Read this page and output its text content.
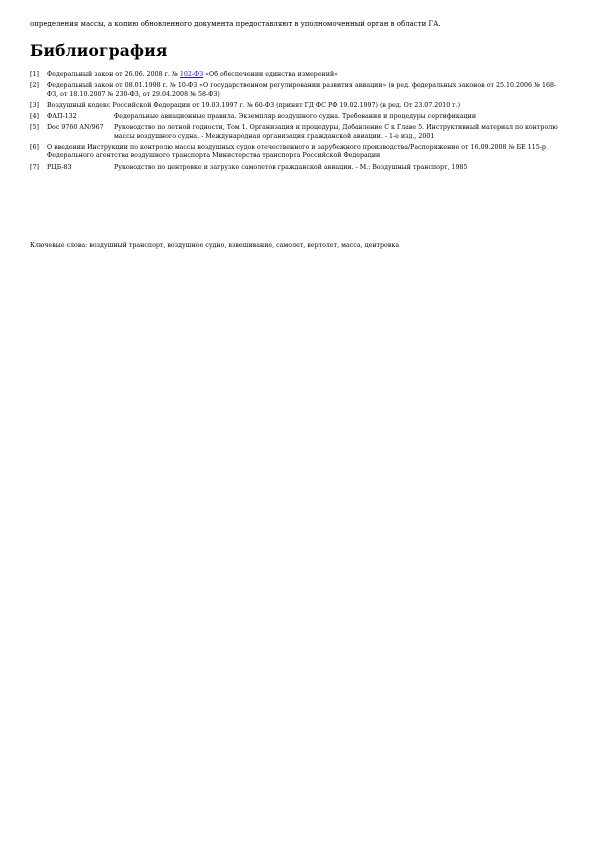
определения массы, а копию обновленного документа предоставляют в уполномоченный орган в области ГА.
Библиография
[1]	Федеральный закон от 26.06. 2008 г. № 102-ФЗ «Об обеспечении единства измерений»	
[2]	Федеральный закон от 08.01.1998 г. № 10-ФЗ «О государственном регулировании развития авиации» (в ред. федеральных законов от 25.10.2006 № 168-ФЗ, от 18.10.2007 № 230-ФЗ, от 29.04.2008 № 58-ФЗ)	
[3]	Воздушный кодекс Российской Федерации от 19.03.1997 г. № 60-ФЗ (принят ГД ФС РФ 19.02.1997) (в ред. От 23.07.2010 г.)	
[4]	ФАП-132	Федеральные авиационные правила. Экземпляр воздушного судна. Требования и процедуры сертификации
[5]	Doc 9760 AN/967	Руководство по летной годности, Том 1. Организация и процедуры, Добавление С к Главе 5. Инструктивный материал по контролю массы воздушного судна. - Международная организация гражданской авиации. - 1-е изд., 2001
[6]	О введении Инструкции по контролю массы воздушных судов отечественного и зарубежного производства/Распоряжение от 16.09.2008 № БЕ 115-р Федерального агентства воздушного транспорта Министерства транспорта Российской Федерации	
[7]	РЦБ-83	Руководство по центровке и загрузке самолетов гражданской авиации. - М.: Воздушный транспорт, 1985
Ключевые слова: воздушный транспорт, воздушное судно, взвешивание, самолет, вертолет, масса, центровка
